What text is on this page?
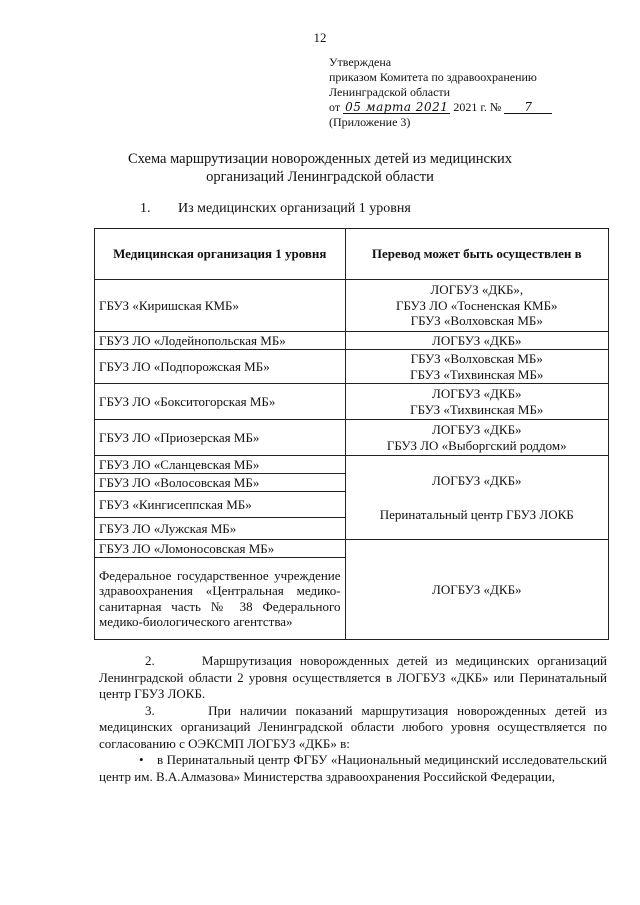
12
Утверждена
приказом Комитета по здравоохранению
Ленинградской области
от 05 марта 2021 2021 г. № 7
(Приложение 3)
Схема маршрутизации новорожденных детей из медицинских
организаций Ленинградской области
1. Из медицинских организаций 1 уровня
Медицинская организация 1 уровня	Перевод может быть осуществлен в
ГБУЗ «Киришская КМБ»	ЛОГБУЗ «ДКБ»,
ГБУЗ ЛО «Тосненская КМБ»
ГБУЗ «Волховская МБ»

ГБУЗ ЛО «Лодейнопольская МБ»	ЛОГБУЗ «ДКБ»

ГБУЗ ЛО «Подпорожская МБ»	ГБУЗ «Волховская МБ»
ГБУЗ «Тихвинская МБ»

ГБУЗ ЛО «Бокситогорская МБ»	ЛОГБУЗ «ДКБ»
ГБУЗ «Тихвинская МБ»

ГБУЗ ЛО «Приозерская МБ»	ЛОГБУЗ «ДКБ»
ГБУЗ ЛО «Выборгский роддом»

ГБУЗ ЛО «Сланцевская МБ»	ЛОГБУЗ «ДКБ»
Перинатальный центр ГБУЗ ЛОКБ

ГБУЗ ЛО «Волосовская МБ»	
ГБУЗ «Кингисеппская МБ»	
ГБУЗ ЛО «Лужская МБ»	
ГБУЗ ЛО «Ломоносовская МБ»	ЛОГБУЗ «ДКБ»
Федеральное государственное учреждение здравоохранения «Центральная медико-санитарная часть № 38 Федерального медико-биологического агентства»	

2.      Маршрутизация новорожденных детей из медицинских организаций Ленинградской области 2 уровня осуществляется в ЛОГБУЗ «ДКБ» или Перинатальный центр ГБУЗ ЛОКБ.

3.      При наличии показаний маршрутизация новорожденных детей из медицинских организаций Ленинградской области любого уровня осуществляется по согласованию с ОЭКСМП ЛОГБУЗ «ДКБ» в:

• в Перинатальный центр ФГБУ «Национальный медицинский исследовательский центр им. В.А.Алмазова» Министерства здравоохранения Российской Федерации,
